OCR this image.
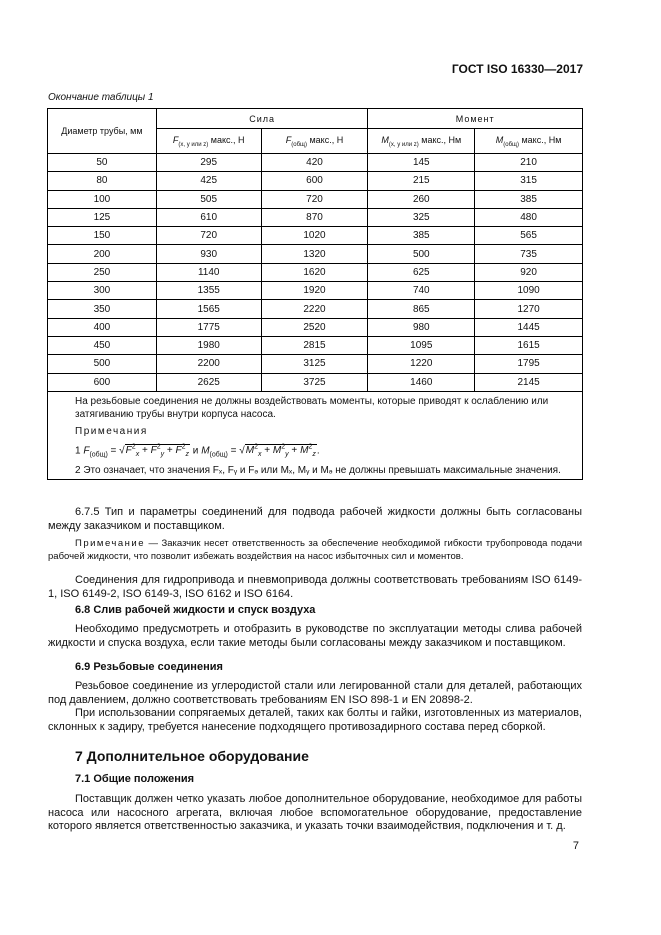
ГОСТ ISO 16330—2017
Окончание таблицы 1
Диаметр трубы, мм	Сила		Момент	
	$F_{(x, y или z)}$ макс., Н	$F_{(общ)}$ макс., Н	$M_{(x, y или z)}$ макс., Нм	$M_{(общ)}$ макс., Нм
50	295	420	145	210
80	425	600	215	315
100	505	720	260	385
125	610	870	325	480
150	720	1020	385	565
200	930	1320	500	735
250	1140	1620	625	920
300	1355	1920	740	1090
350	1565	2220	865	1270
400	1775	2520	980	1445
450	1980	2815	1095	1615
500	2200	3125	1220	1795
600	2625	3725	1460	2145

На резьбовые соединения не должны воздействовать моменты, которые приводят к ослаблению или затягиванию трубы внутри корпуса насоса.
Примечания
1 $F_{(общ)} = √F^2_x + F^2_y + F^2_z$ и $M_{(общ)} = √M^2_x + M^2_y + M^2_z$.
2 Это означает, что значения Fₓ, Fᵧ и Fₔ или Mₓ, Mᵧ и Mₔ не должны превышать максимальные значения.				
6.7.5 Тип и параметры соединений для подвода рабочей жидкости должны быть согласованы между заказчиком и поставщиком.
Примечание — Заказчик несет ответственность за обеспечение необходимой гибкости трубопровода подачи рабочей жидкости, что позволит избежать воздействия на насос избыточных сил и моментов.
Соединения для гидропривода и пневмопривода должны соответствовать требованиям ISO 6149-1, ISO 6149-2, ISO 6149-3, ISO 6162 и ISO 6164.
6.8 Слив рабочей жидкости и спуск воздуха
Необходимо предусмотреть и отобразить в руководстве по эксплуатации методы слива рабочей жидкости и спуска воздуха, если такие методы были согласованы между заказчиком и поставщиком.
6.9 Резьбовые соединения
Резьбовое соединение из углеродистой стали или легированной стали для деталей, работающих под давлением, должно соответствовать требованиям EN ISO 898-1 и EN 20898-2.
При использовании сопрягаемых деталей, таких как болты и гайки, изготовленных из материалов, склонных к задиру, требуется нанесение подходящего противозадирного состава перед сборкой.
7 Дополнительное оборудование
7.1 Общие положения
Поставщик должен четко указать любое дополнительное оборудование, необходимое для работы насоса или насосного агрегата, включая любое вспомогательное оборудование, предоставление которого является ответственностью заказчика, и указать точки взаимодействия, подключения и т. д.
7
